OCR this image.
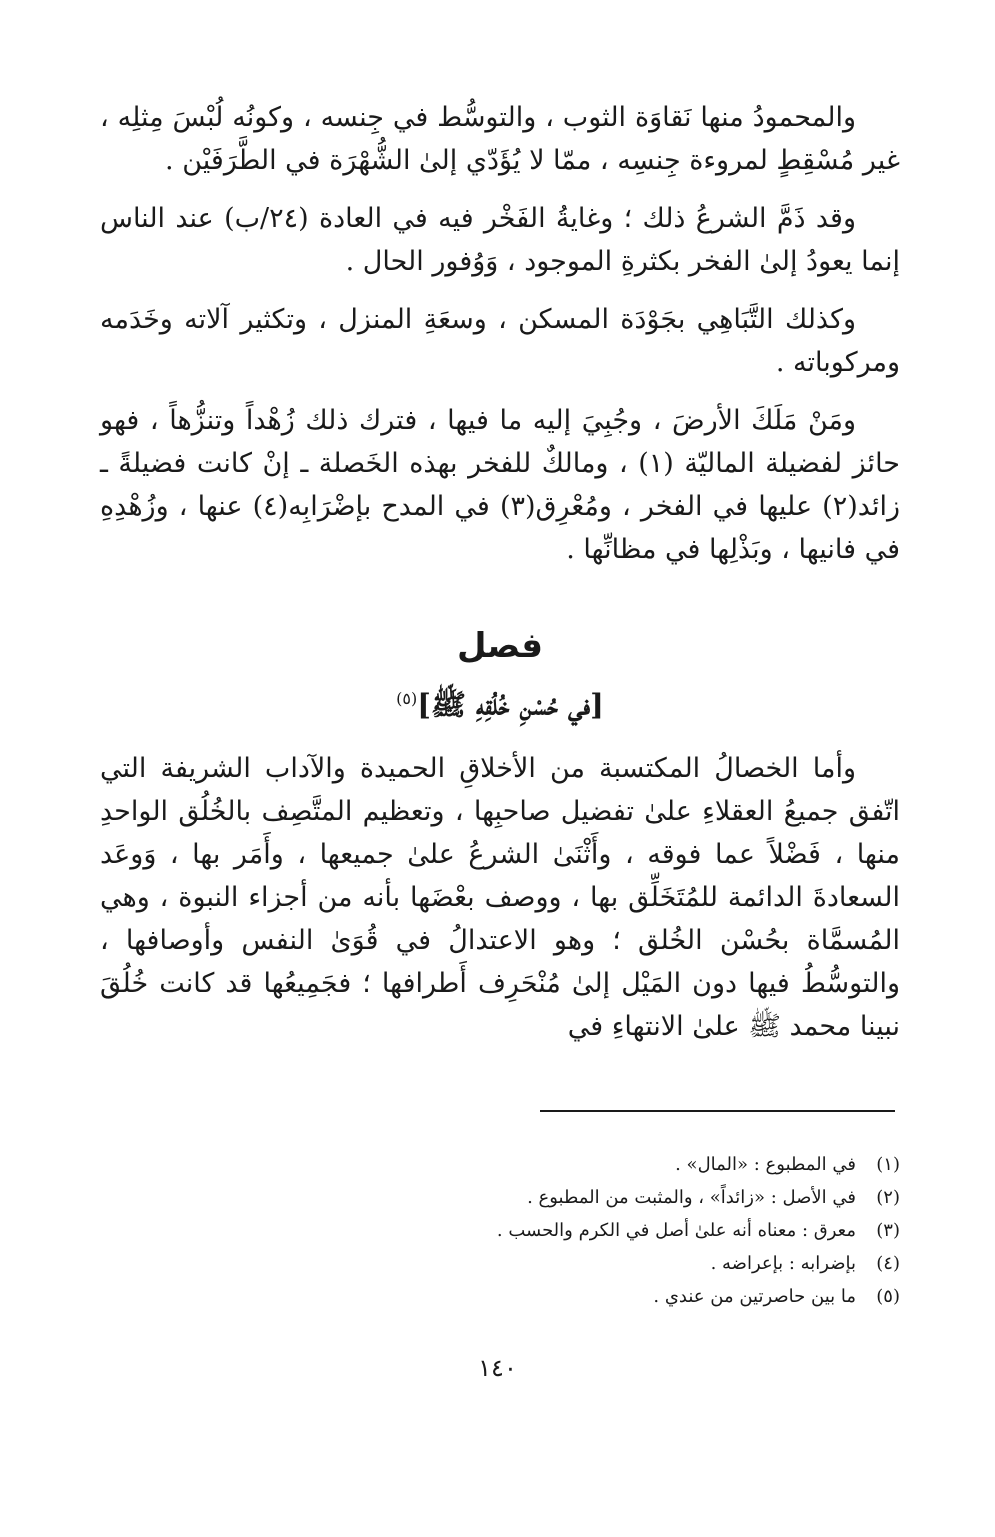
والمحمودُ منها نَقاوَة الثوب ، والتوسُّط في جِنسه ، وكونُه لُبْسَ مِثلِه ، غير مُسْقِطٍ لمروءة جِنسِه ، ممّا لا يُؤَدّي إلىٰ الشُّهْرَة في الطَّرَفَيْن .

وقد ذَمَّ الشرعُ ذلك ؛ وغايةُ الفَخْر فيه في العادة (٢٤/ب) عند الناس إنما يعودُ إلىٰ الفخر بكثرةِ الموجود ، وَوُفور الحال .

وكذلك التَّبَاهِي بجَوْدَة المسكن ، وسعَةِ المنزل ، وتكثير آلاته وخَدَمه ومركوباته .

ومَنْ مَلَكَ الأرضَ ، وجُبِيَ إليه ما فيها ، فترك ذلك زُهْداً وتنزُّهاً ، فهو حائز لفضيلة الماليّة (١) ، ومالكٌ للفخر بهذه الخَصلة ـ إنْ كانت فضيلةً ـ زائد(٢) عليها في الفخر ، ومُعْرِق(٣) في المدح بإضْرَابِه(٤) عنها ، وزُهْدِهِ في فانيها ، وبَذْلِها في مظانِّها .

فصل
[في حُسْنِ خُلُقِهِ ﷺ]$^{(٥)}$

وأما الخصالُ المكتسبة من الأخلاقِ الحميدة والآداب الشريفة التي اتّفق جميعُ العقلاءِ علىٰ تفضيل صاحبِها ، وتعظيم المتَّصِف بالخُلُق الواحدِ منها ، فَضْلاً عما فوقه ، وأَثْنَىٰ الشرعُ علىٰ جميعها ، وأَمَر بها ، وَوعَد السعادةَ الدائمة للمُتَخَلِّق بها ، ووصف بعْضَها بأنه من أجزاء النبوة ، وهي المُسمَّاة بحُسْن الخُلق ؛ وهو الاعتدالُ في قُوَىٰ النفس وأوصافها ، والتوسُّطُ فيها دون المَيْل إلىٰ مُنْحَرِف أَطرافها ؛ فجَمِيعُها قد كانت خُلُقَ نبينا محمد ﷺ علىٰ الانتهاءِ في

(١)
في المطبوع : «المال» .
(٢)
في الأصل : «زائداً» ، والمثبت من المطبوع .
(٣)
معرق : معناه أنه علىٰ أصل في الكرم والحسب .
(٤)
بإضرابه : بإعراضه .
(٥)
ما بين حاصرتين من عندي .
١٤٠
